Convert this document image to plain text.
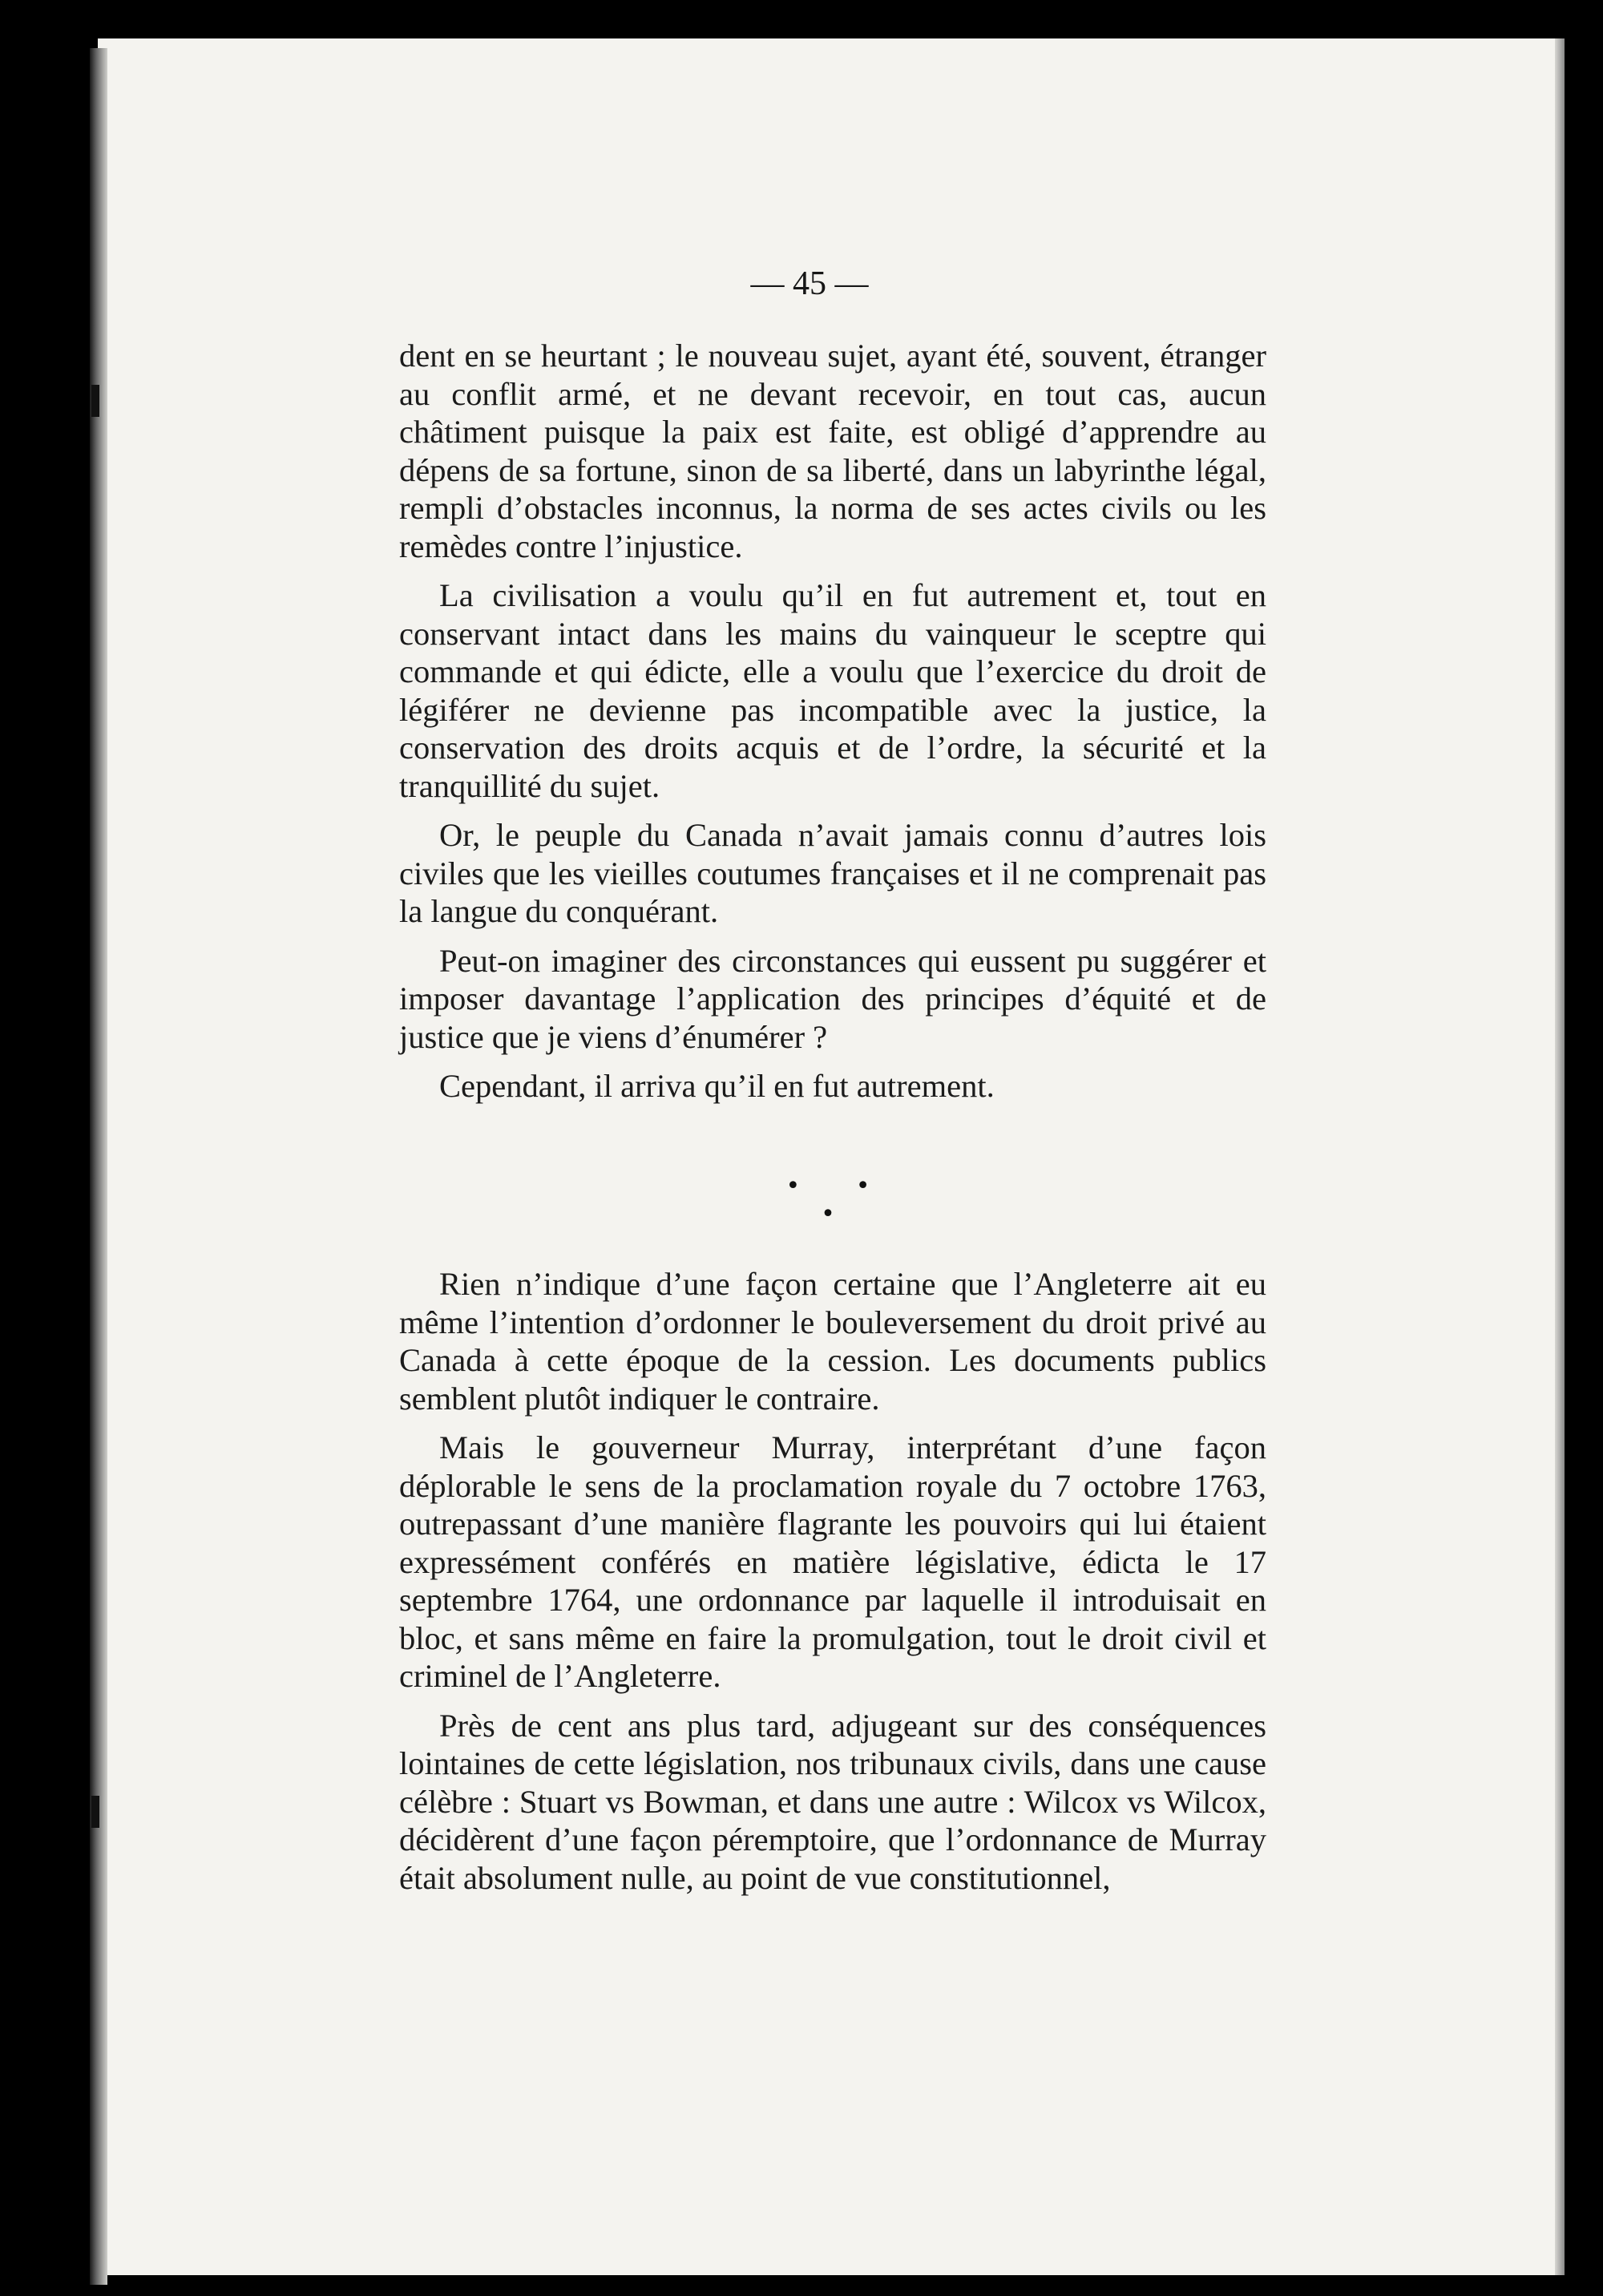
— 45 —

dent en se heurtant ; le nouveau sujet, ayant été, souvent, étranger au conflit armé, et ne devant recevoir, en tout cas, aucun châtiment puisque la paix est faite, est obligé d’apprendre au dépens de sa fortune, sinon de sa liberté, dans un labyrinthe légal, rempli d’obstacles inconnus, la norma de ses actes civils ou les remèdes contre l’injustice.

La civilisation a voulu qu’il en fut autrement et, tout en conservant intact dans les mains du vainqueur le sceptre qui commande et qui édicte, elle a voulu que l’exercice du droit de légiférer ne devienne pas incompatible avec la justice, la conservation des droits acquis et de l’ordre, la sécurité et la tranquillité du sujet.

Or, le peuple du Canada n’avait jamais connu d’autres lois civiles que les vieilles coutumes françaises et il ne comprenait pas la langue du conquérant.

Peut-on imaginer des circonstances qui eussent pu suggérer et imposer davantage l’application des principes d’équité et de justice que je viens d’énumérer ?

Cependant, il arriva qu’il en fut autrement.

• • •

Rien n’indique d’une façon certaine que l’Angleterre ait eu même l’intention d’ordonner le bouleversement du droit privé au Canada à cette époque de la cession. Les documents publics semblent plutôt indiquer le contraire.

Mais le gouverneur Murray, interprétant d’une façon déplorable le sens de la proclamation royale du 7 octobre 1763, outrepassant d’une manière flagrante les pouvoirs qui lui étaient expressément conférés en matière législative, édicta le 17 septembre 1764, une ordonnance par laquelle il introduisait en bloc, et sans même en faire la promulgation, tout le droit civil et criminel de l’Angleterre.

Près de cent ans plus tard, adjugeant sur des conséquences lointaines de cette législation, nos tribunaux civils, dans une cause célèbre : Stuart vs Bowman, et dans une autre : Wilcox vs Wilcox, décidèrent d’une façon péremptoire, que l’ordonnance de Murray était absolument nulle, au point de vue constitutionnel,
